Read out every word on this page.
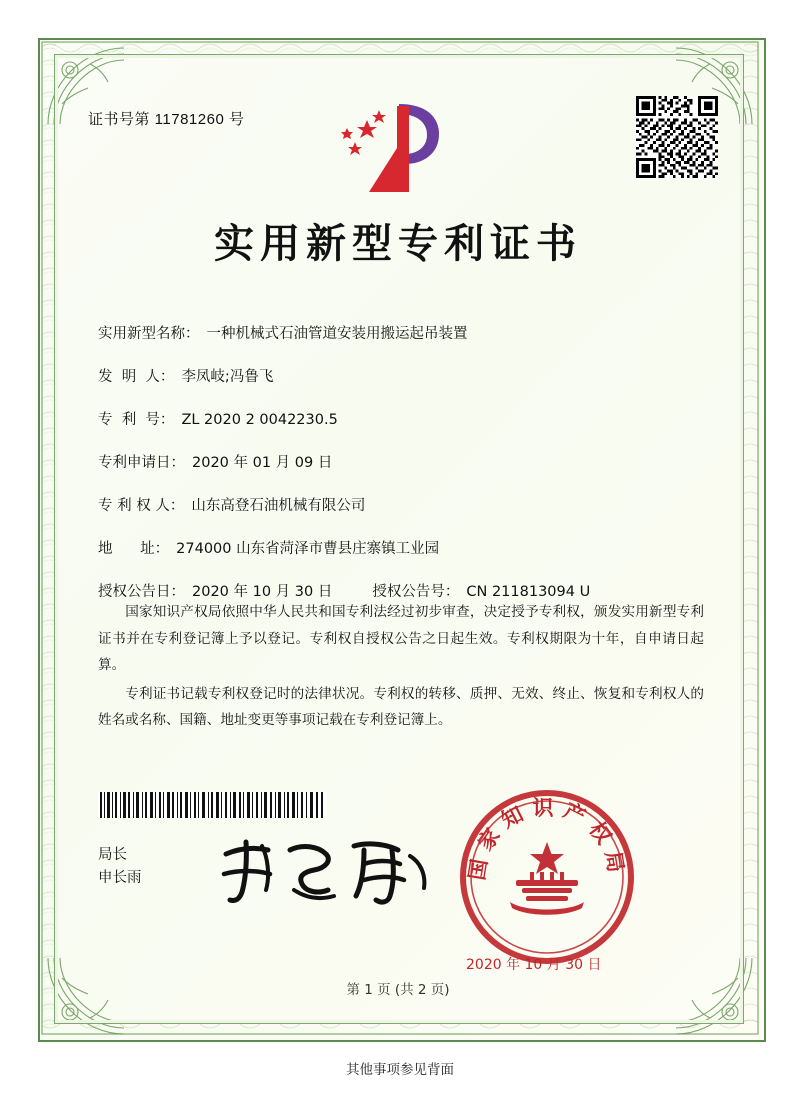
证书号第 11781260 号
实用新型专利证书
实用新型名称： 一种机械式石油管道安装用搬运起吊装置
发  明  人： 李凤岐;冯鲁飞
专  利  号： ZL 2020 2 0042230.5
专利申请日： 2020 年 01 月 09 日
专 利 权 人： 山东高登石油机械有限公司
地      址： 274000 山东省菏泽市曹县庄寨镇工业园
授权公告日： 2020 年 10 月 30 日	授权公告号： CN 211813094 U

国家知识产权局依照中华人民共和国专利法经过初步审查，决定授予专利权，颁发实用新型专利证书并在专利登记簿上予以登记。专利权自授权公告之日起生效。专利权期限为十年，自申请日起算。

专利证书记载专利权登记时的法律状况。专利权的转移、质押、无效、终止、恢复和专利权人的姓名或名称、国籍、地址变更等事项记载在专利登记簿上。

局长
申长雨	国家知识产权局
2020 年 10 月 30 日
第 1 页 (共 2 页)
其他事项参见背面
